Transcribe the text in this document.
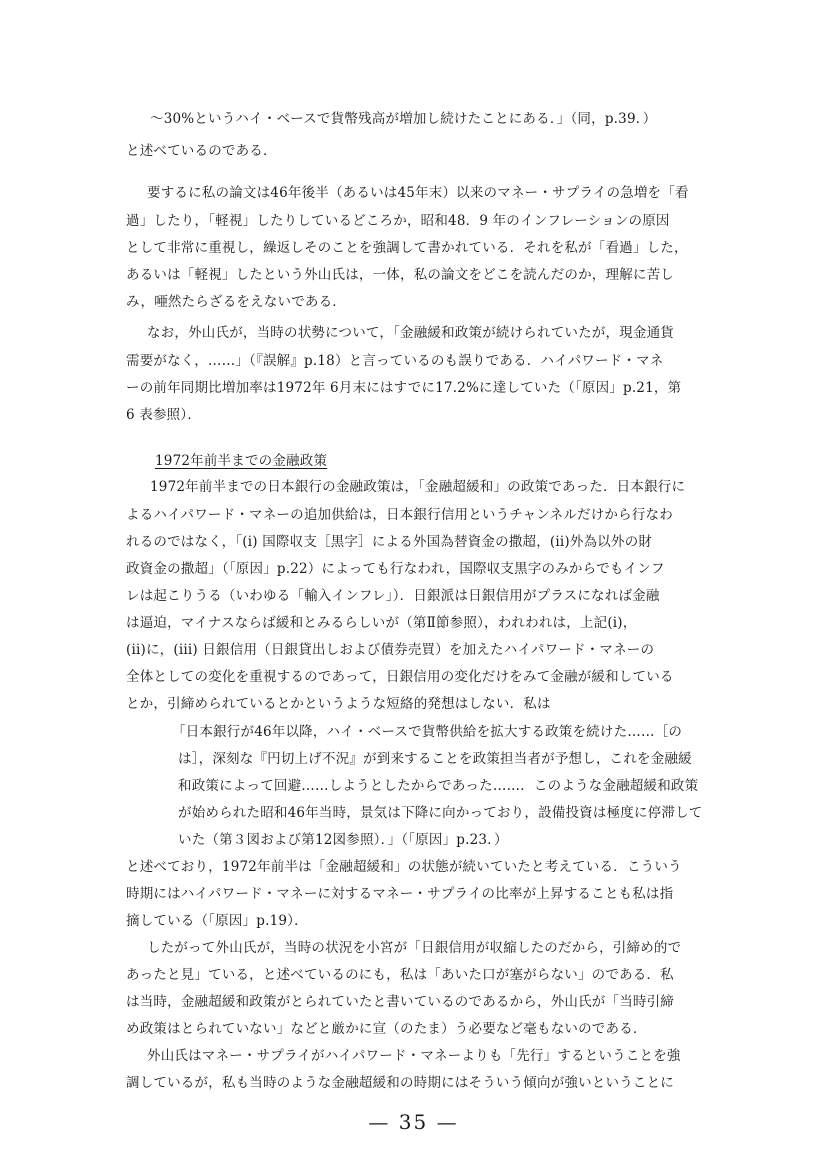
～30%というハイ・ベースで貨幣残高が増加し続けたことにある．」（同，p.39．）
と述べているのである．
要するに私の論文は46年後半（あるいは45年末）以来のマネー・サプライの急増を「看
過」したり，「軽視」したりしているどころか，昭和48．9 年のインフレーションの原因
として非常に重視し，繰返しそのことを強調して書かれている．それを私が「看過」した，
あるいは「軽視」したという外山氏は，一体，私の論文をどこを読んだのか，理解に苦し
み，唖然たらざるをえないである．
なお，外山氏が，当時の状勢について，「金融緩和政策が続けられていたが，現金通貨
需要がなく，……」（『誤解』p.18）と言っているのも誤りである．ハイパワード・マネ
ーの前年同期比増加率は1972年 6月末にはすでに17.2%に達していた（「原因」p.21，第
6 表参照）．
1972年前半までの金融政策
1972年前半までの日本銀行の金融政策は，「金融超緩和」の政策であった．日本銀行に
よるハイパワード・マネーの追加供給は，日本銀行信用というチャンネルだけから行なわ
れるのではなく，「(i) 国際収支［黒字］による外国為替資金の撒超，(ii)外為以外の財
政資金の撒超」（「原因」p.22）によっても行なわれ，国際収支黒字のみからでもインフ
レは起こりうる（いわゆる「輸入インフレ」）．日銀派は日銀信用がプラスになれば金融
は逼迫，マイナスならば緩和とみるらしいが（第Ⅱ節参照），われわれは，上記(i)，
(ii)に，(iii) 日銀信用（日銀貸出しおよび債券売買）を加えたハイパワード・マネーの
全体としての変化を重視するのであって，日銀信用の変化だけをみて金融が緩和している
とか，引締められているとかというような短絡的発想はしない．私は
「日本銀行が46年以降，ハイ・ベースで貨幣供給を拡大する政策を続けた……［の
は］，深刻な『円切上げ不況』が到来することを政策担当者が予想し，これを金融緩
和政策によって回避……しようとしたからであった……．このような金融超緩和政策
が始められた昭和46年当時，景気は下降に向かっており，設備投資は極度に停滞して
いた（第３図および第12図参照）．」（「原因」p.23．）
と述べており，1972年前半は「金融超緩和」の状態が続いていたと考えている．こういう
時期にはハイパワード・マネーに対するマネー・サプライの比率が上昇することも私は指
摘している（「原因」p.19）．
したがって外山氏が，当時の状況を小宮が「日銀信用が収縮したのだから，引締め的で
あったと見」ている，と述べているのにも，私は「あいた口が塞がらない」のである．私
は当時，金融超緩和政策がとられていたと書いているのであるから，外山氏が「当時引締
め政策はとられていない」などと厳かに宣（のたま）う必要など毫もないのである．
外山氏はマネー・サプライがハイパワード・マネーよりも「先行」するということを強
調しているが，私も当時のような金融超緩和の時期にはそういう傾向が強いということに
— 35 —
